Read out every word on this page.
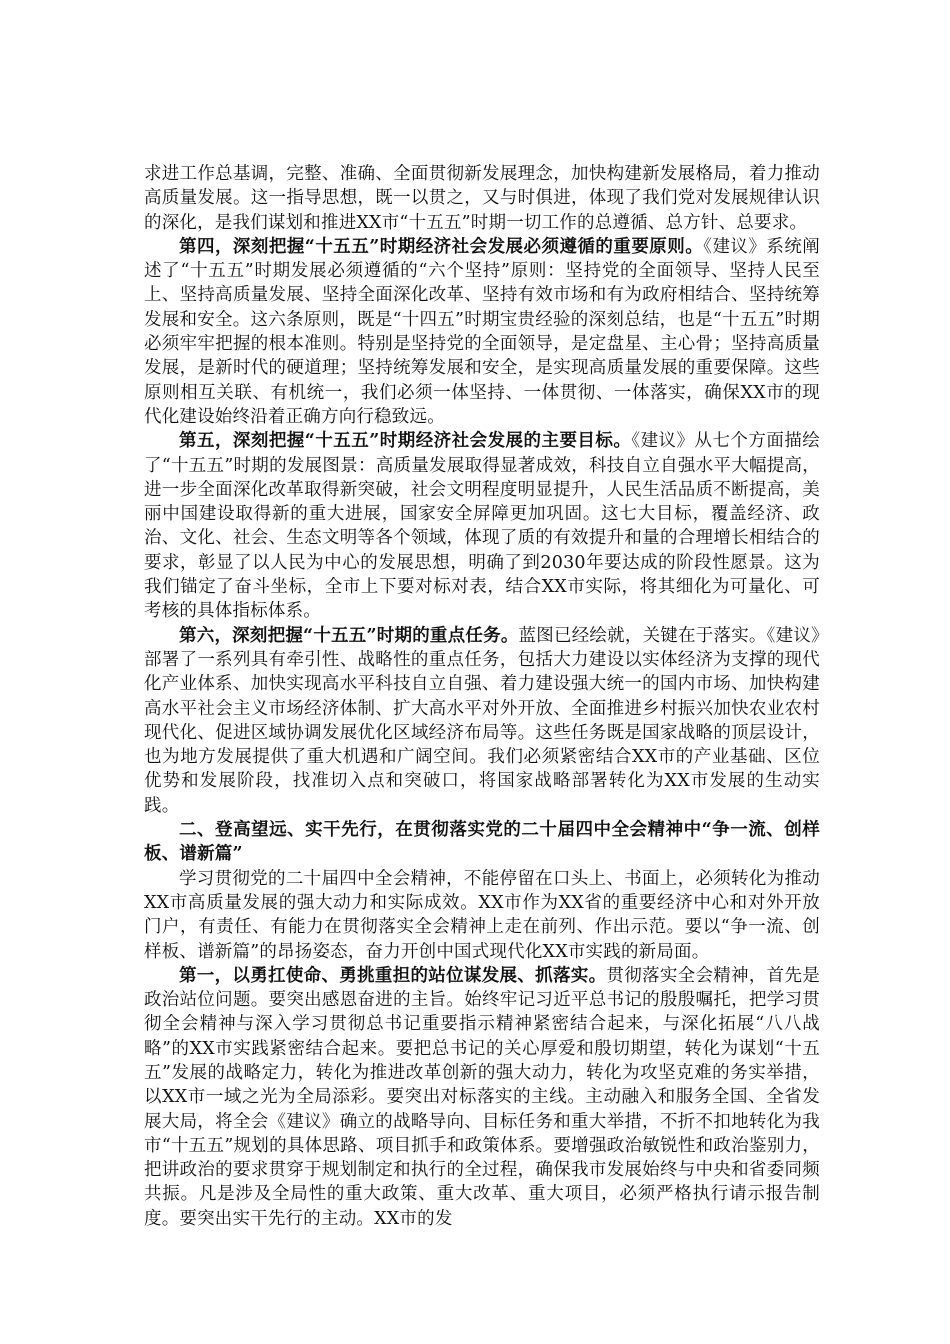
求进工作总基调，完整、准确、全面贯彻新发展理念，加快构建新发展格局，着力推动高质量发展。这一指导思想，既一以贯之，又与时俱进，体现了我们党对发展规律认识的深化，是我们谋划和推进XX市“十五五”时期一切工作的总遵循、总方针、总要求。

第四，深刻把握“十五五”时期经济社会发展必须遵循的重要原则。《建议》系统阐述了“十五五”时期发展必须遵循的“六个坚持”原则：坚持党的全面领导、坚持人民至上、坚持高质量发展、坚持全面深化改革、坚持有效市场和有为政府相结合、坚持统筹发展和安全。这六条原则，既是“十四五”时期宝贵经验的深刻总结，也是“十五五”时期必须牢牢把握的根本准则。特别是坚持党的全面领导，是定盘星、主心骨；坚持高质量发展，是新时代的硬道理；坚持统筹发展和安全，是实现高质量发展的重要保障。这些原则相互关联、有机统一，我们必须一体坚持、一体贯彻、一体落实，确保XX市的现代化建设始终沿着正确方向行稳致远。

第五，深刻把握“十五五”时期经济社会发展的主要目标。《建议》从七个方面描绘了“十五五”时期的发展图景：高质量发展取得显著成效，科技自立自强水平大幅提高，进一步全面深化改革取得新突破，社会文明程度明显提升，人民生活品质不断提高，美丽中国建设取得新的重大进展，国家安全屏障更加巩固。这七大目标，覆盖经济、政治、文化、社会、生态文明等各个领域，体现了质的有效提升和量的合理增长相结合的要求，彰显了以人民为中心的发展思想，明确了到2030年要达成的阶段性愿景。这为我们锚定了奋斗坐标，全市上下要对标对表，结合XX市实际，将其细化为可量化、可考核的具体指标体系。

第六，深刻把握“十五五”时期的重点任务。蓝图已经绘就，关键在于落实。《建议》部署了一系列具有牵引性、战略性的重点任务，包括大力建设以实体经济为支撑的现代化产业体系、加快实现高水平科技自立自强、着力建设强大统一的国内市场、加快构建高水平社会主义市场经济体制、扩大高水平对外开放、全面推进乡村振兴加快农业农村现代化、促进区域协调发展优化区域经济布局等。这些任务既是国家战略的顶层设计，也为地方发展提供了重大机遇和广阔空间。我们必须紧密结合XX市的产业基础、区位优势和发展阶段，找准切入点和突破口，将国家战略部署转化为XX市发展的生动实践。

二、登高望远、实干先行，在贯彻落实党的二十届四中全会精神中“争一流、创样板、谱新篇”

学习贯彻党的二十届四中全会精神，不能停留在口头上、书面上，必须转化为推动XX市高质量发展的强大动力和实际成效。XX市作为XX省的重要经济中心和对外开放门户，有责任、有能力在贯彻落实全会精神上走在前列、作出示范。要以“争一流、创样板、谱新篇”的昂扬姿态，奋力开创中国式现代化XX市实践的新局面。

第一，以勇扛使命、勇挑重担的站位谋发展、抓落实。贯彻落实全会精神，首先是政治站位问题。要突出感恩奋进的主旨。始终牢记习近平总书记的殷殷嘱托，把学习贯彻全会精神与深入学习贯彻总书记重要指示精神紧密结合起来，与深化拓展“八八战略”的XX市实践紧密结合起来。要把总书记的关心厚爱和殷切期望，转化为谋划“十五五”发展的战略定力，转化为推进改革创新的强大动力，转化为攻坚克难的务实举措，以XX市一域之光为全局添彩。要突出对标落实的主线。主动融入和服务全国、全省发展大局，将全会《建议》确立的战略导向、目标任务和重大举措，不折不扣地转化为我市“十五五”规划的具体思路、项目抓手和政策体系。要增强政治敏锐性和政治鉴别力，把讲政治的要求贯穿于规划制定和执行的全过程，确保我市发展始终与中央和省委同频共振。凡是涉及全局性的重大政策、重大改革、重大项目，必须严格执行请示报告制度。要突出实干先行的主动。XX市的发
